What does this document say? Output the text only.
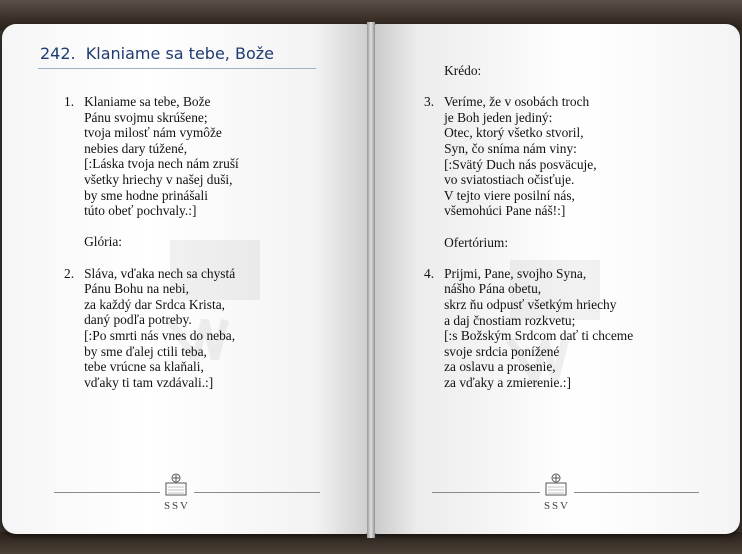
242.  Klaniame sa tebe, Bože
1.   Klaniame sa tebe, Bože
Pánu svojmu skrúšene;
tvoja milosť nám vymôže
nebies dary túžené,
[:Láska tvoja nech nám zruší
všetky hriechy v našej duši,
by sme hodne prinášali
túto obeť pochvaly.:]

Glória:

2.   Sláva, vďaka nech sa chystá
Pánu Bohu na nebi,
za každý dar Srdca Krista,
daný podľa potreby.
[:Po smrti nás vnes do neba,
by sme ďalej ctili teba,
tebe vrúcne sa klaňali,
vďaky ti tam vzdávali.:]
Krédo:

3.   Veríme, že v osobách troch
je Boh jeden jediný:
Otec, ktorý všetko stvoril,
Syn, čo sníma nám viny:
[:Svätý Duch nás posväcuje,
vo sviatostiach očisťuje.
V tejto viere posilní nás,
všemohúci Pane náš!:]

Ofertórium:

4.   Prijmi, Pane, svojho Syna,
nášho Pána obetu,
skrz ňu odpusť všetkým hriechy
a daj čnostiam rozkvetu;
[:s Božským Srdcom dať ti chceme
svoje srdcia ponížené
za oslavu a prosenie,
za vďaky a zmierenie.:]
S S V	S S V
